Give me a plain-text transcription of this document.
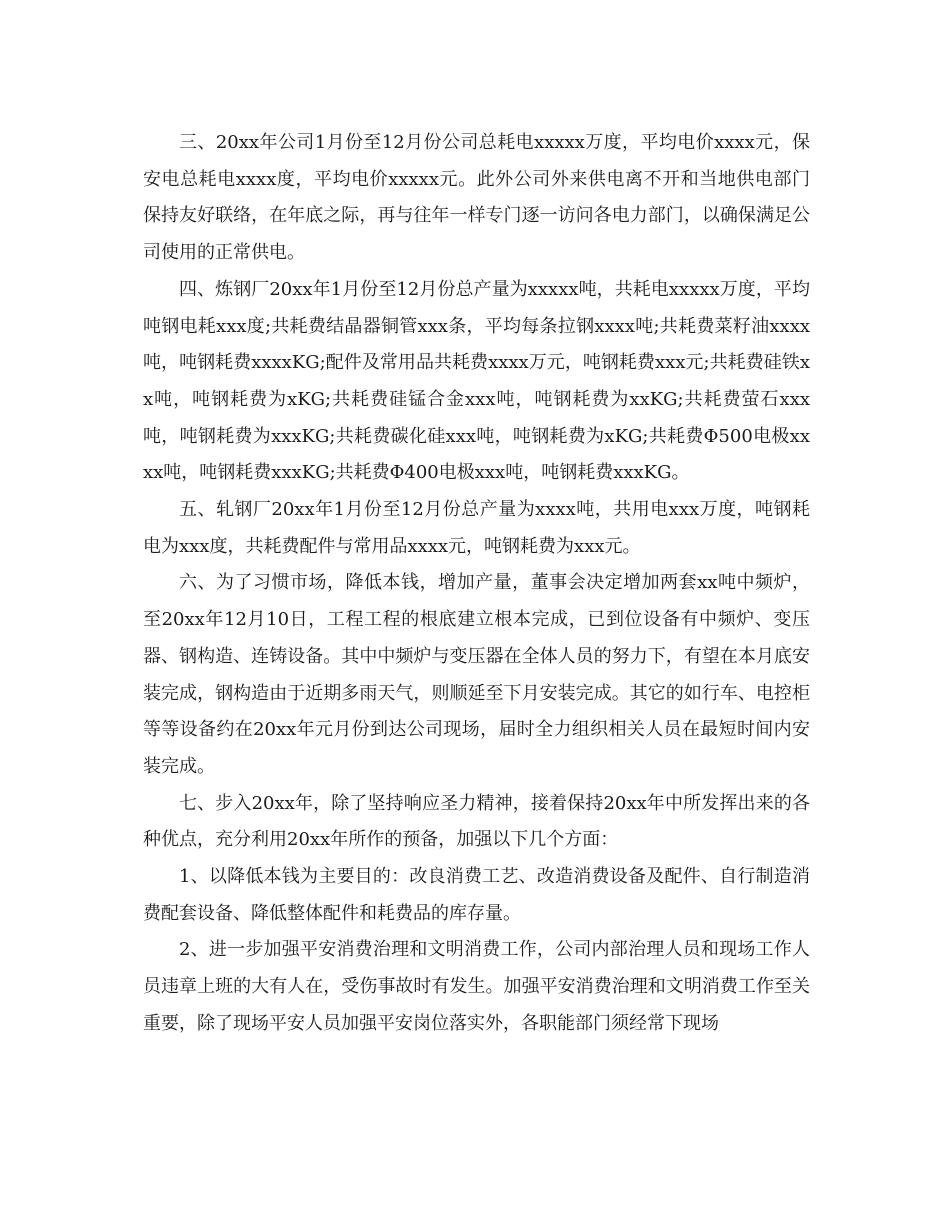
三、20xx年公司1月份至12月份公司总耗电xxxxx万度，平均电价xxxx元，保安电总耗电xxxx度，平均电价xxxxx元。此外公司外来供电离不开和当地供电部门保持友好联络，在年底之际，再与往年一样专门逐一访问各电力部门，以确保满足公司使用的正常供电。

四、炼钢厂20xx年1月份至12月份总产量为xxxxx吨，共耗电xxxxx万度，平均吨钢电耗xxx度;共耗费结晶器铜管xxx条，平均每条拉钢xxxx吨;共耗费菜籽油xxxx吨，吨钢耗费xxxxKG;配件及常用品共耗费xxxx万元，吨钢耗费xxx元;共耗费硅铁xx吨，吨钢耗费为xKG;共耗费硅锰合金xxx吨，吨钢耗费为xxKG;共耗费萤石xxx吨，吨钢耗费为xxxKG;共耗费碳化硅xxx吨，吨钢耗费为xKG;共耗费Φ500电极xxxx吨，吨钢耗费xxxKG;共耗费Φ400电极xxx吨，吨钢耗费xxxKG。

五、轧钢厂20xx年1月份至12月份总产量为xxxx吨，共用电xxx万度，吨钢耗电为xxx度，共耗费配件与常用品xxxx元，吨钢耗费为xxx元。

六、为了习惯市场，降低本钱，增加产量，董事会决定增加两套xx吨中频炉，至20xx年12月10日，工程工程的根底建立根本完成，已到位设备有中频炉、变压器、钢构造、连铸设备。其中中频炉与变压器在全体人员的努力下，有望在本月底安装完成，钢构造由于近期多雨天气，则顺延至下月安装完成。其它的如行车、电控柜等等设备约在20xx年元月份到达公司现场，届时全力组织相关人员在最短时间内安装完成。

七、步入20xx年，除了坚持响应圣力精神，接着保持20xx年中所发挥出来的各种优点，充分利用20xx年所作的预备，加强以下几个方面：

1、以降低本钱为主要目的：改良消费工艺、改造消费设备及配件、自行制造消费配套设备、降低整体配件和耗费品的库存量。

2、进一步加强平安消费治理和文明消费工作，公司内部治理人员和现场工作人员违章上班的大有人在，受伤事故时有发生。加强平安消费治理和文明消费工作至关重要，除了现场平安人员加强平安岗位落实外，各职能部门须经常下现场
